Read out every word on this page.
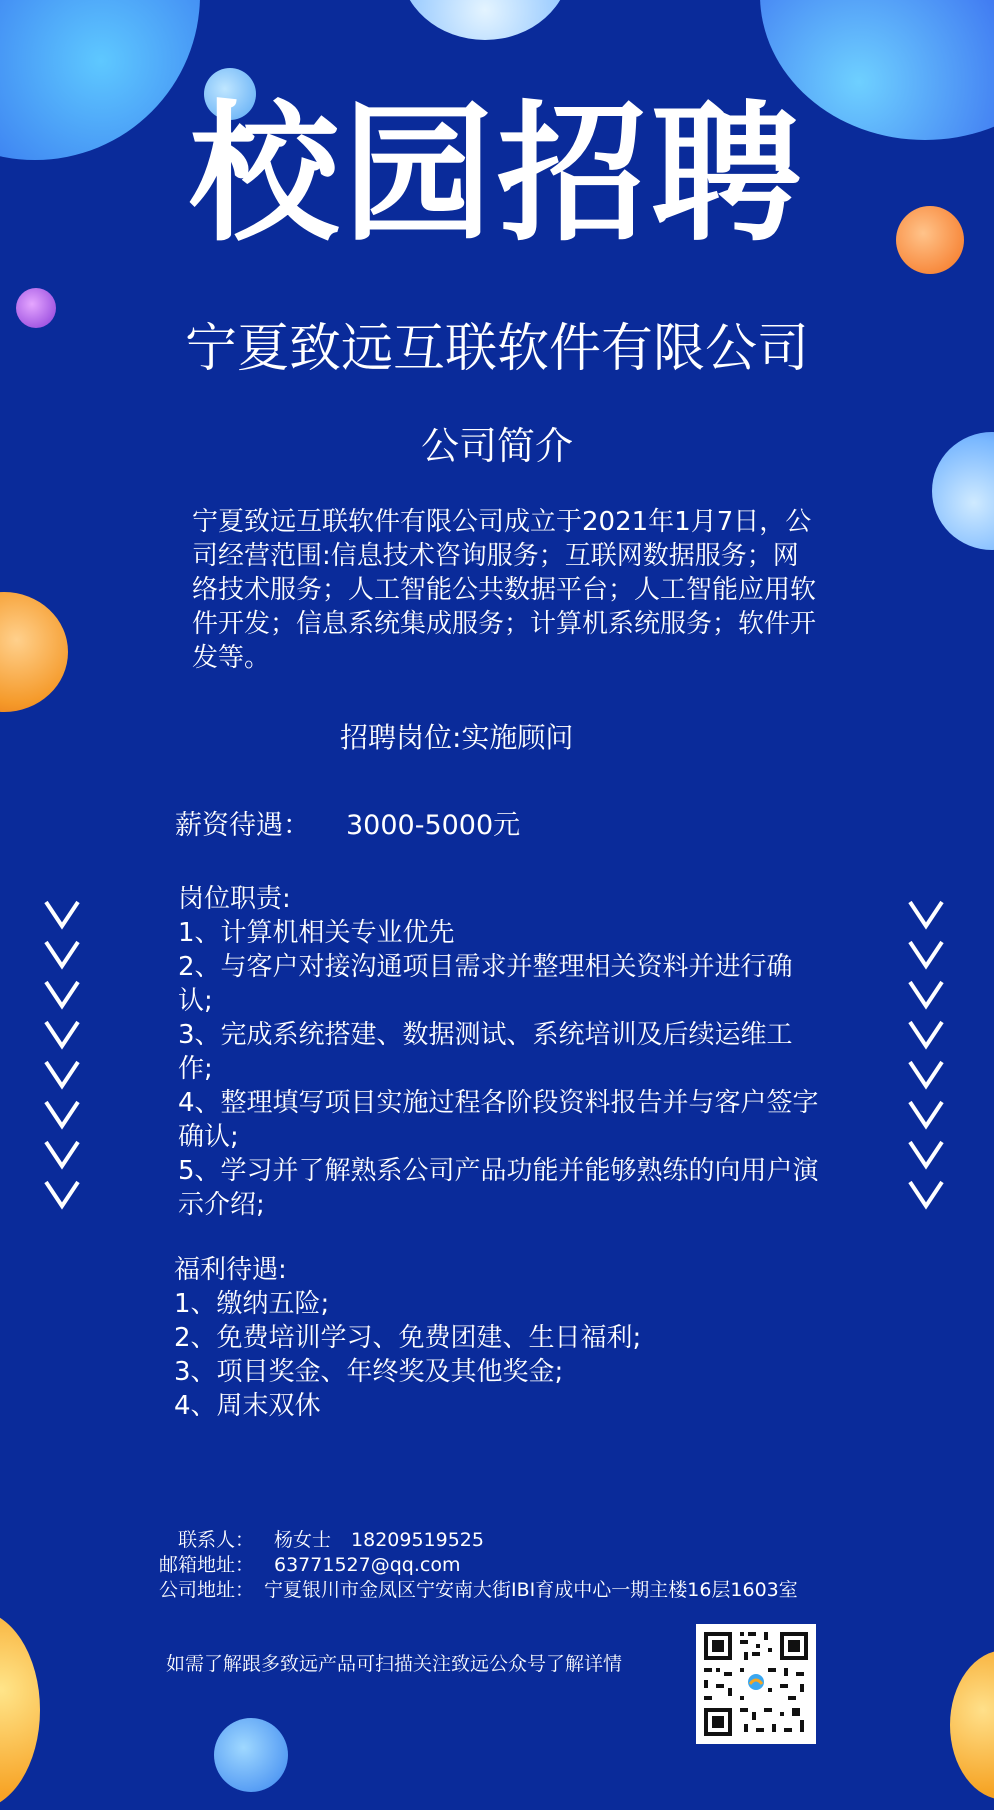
校园招聘
宁夏致远互联软件有限公司
公司简介
宁夏致远互联软件有限公司成立于2021年1月7日，公司经营范围:信息技术咨询服务；互联网数据服务；网络技术服务；人工智能公共数据平台；人工智能应用软件开发；信息系统集成服务；计算机系统服务；软件开发等。
招聘岗位:实施顾问
薪资待遇： 3000-5000元
岗位职责:
1、计算机相关专业优先
2、与客户对接沟通项目需求并整理相关资料并进行确
认;
3、完成系统搭建、数据测试、系统培训及后续运维工
作;
4、整理填写项目实施过程各阶段资料报告并与客户签字
确认;
5、学习并了解熟系公司产品功能并能够熟练的向用户演
示介绍;
福利待遇:
1、缴纳五险;
2、免费培训学习、免费团建、生日福利;
3、项目奖金、年终奖及其他奖金;
4、周末双休
联系人： 杨女士 18209519525
邮箱地址： 63771527@qq.com
公司地址： 宁夏银川市金凤区宁安南大街IBI育成中心一期主楼16层1603室
如需了解跟多致远产品可扫描关注致远公众号了解详情
